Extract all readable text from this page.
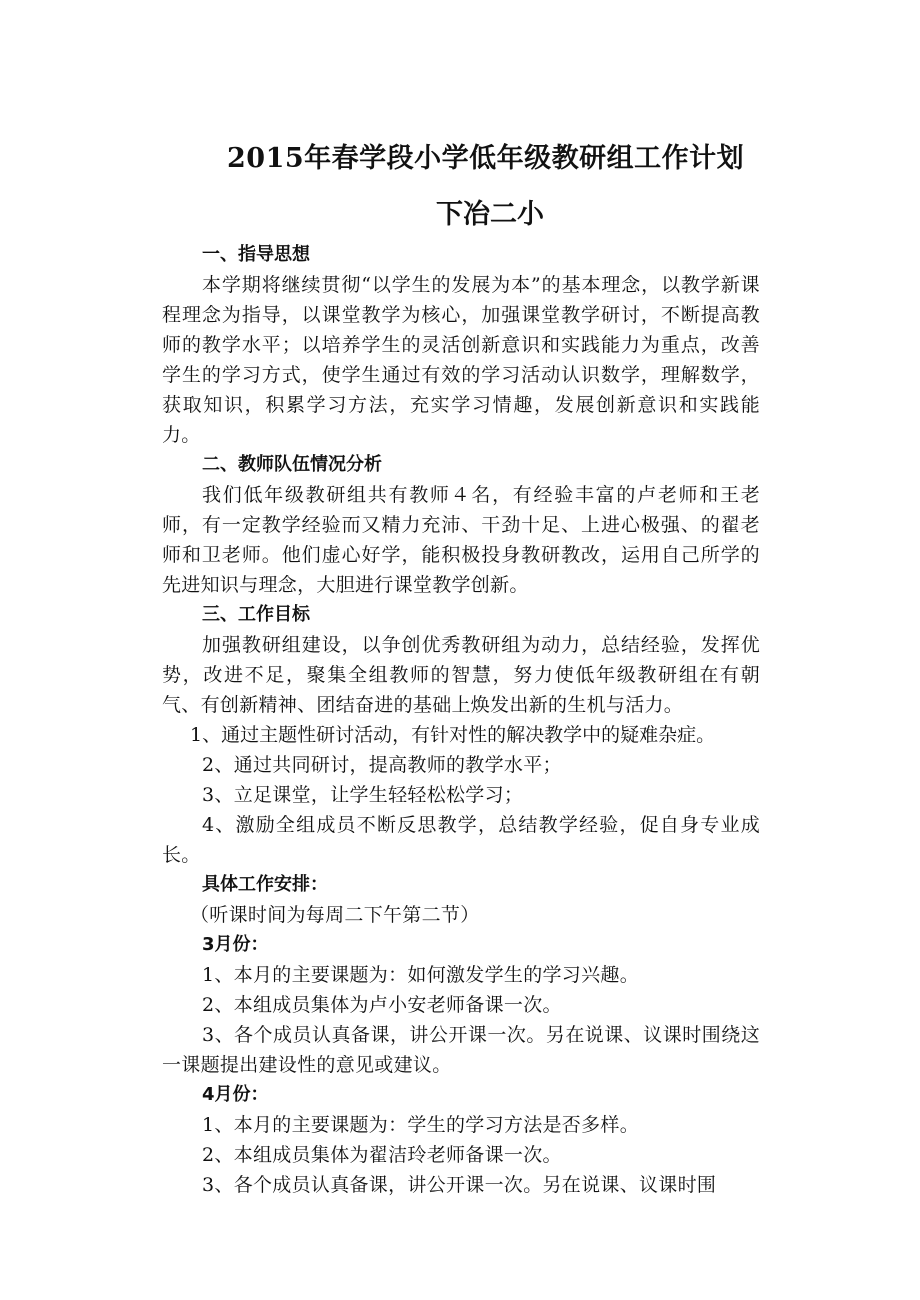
2015年春学段小学低年级教研组工作计划
下冶二小
一、指导思想
本学期将继续贯彻“以学生的发展为本”的基本理念，以教学新课程理念为指导，以课堂教学为核心，加强课堂教学研讨，不断提高教师的教学水平；以培养学生的灵活创新意识和实践能力为重点，改善学生的学习方式，使学生通过有效的学习活动认识数学，理解数学，获取知识，积累学习方法，充实学习情趣，发展创新意识和实践能力。
二、教师队伍情况分析
我们低年级教研组共有教师４名，有经验丰富的卢老师和王老师，有一定教学经验而又精力充沛、干劲十足、上进心极强、的翟老师和卫老师。他们虚心好学，能积极投身教研教改，运用自己所学的先进知识与理念，大胆进行课堂教学创新。
三、工作目标
加强教研组建设，以争创优秀教研组为动力，总结经验，发挥优势，改进不足，聚集全组教师的智慧，努力使低年级教研组在有朝气、有创新精神、团结奋进的基础上焕发出新的生机与活力。
1、通过主题性研讨活动，有针对性的解决教学中的疑难杂症。
2、通过共同研讨，提高教师的教学水平；
3、立足课堂，让学生轻轻松松学习；
4、激励全组成员不断反思教学，总结教学经验，促自身专业成长。
具体工作安排：
（听课时间为每周二下午第二节）
3月份：
1、本月的主要课题为：如何激发学生的学习兴趣。
2、本组成员集体为卢小安老师备课一次。
3、各个成员认真备课，讲公开课一次。另在说课、议课时围绕这一课题提出建设性的意见或建议。
4月份：
1、本月的主要课题为：学生的学习方法是否多样。
2、本组成员集体为翟洁玲老师备课一次。
3、各个成员认真备课，讲公开课一次。另在说课、议课时围
